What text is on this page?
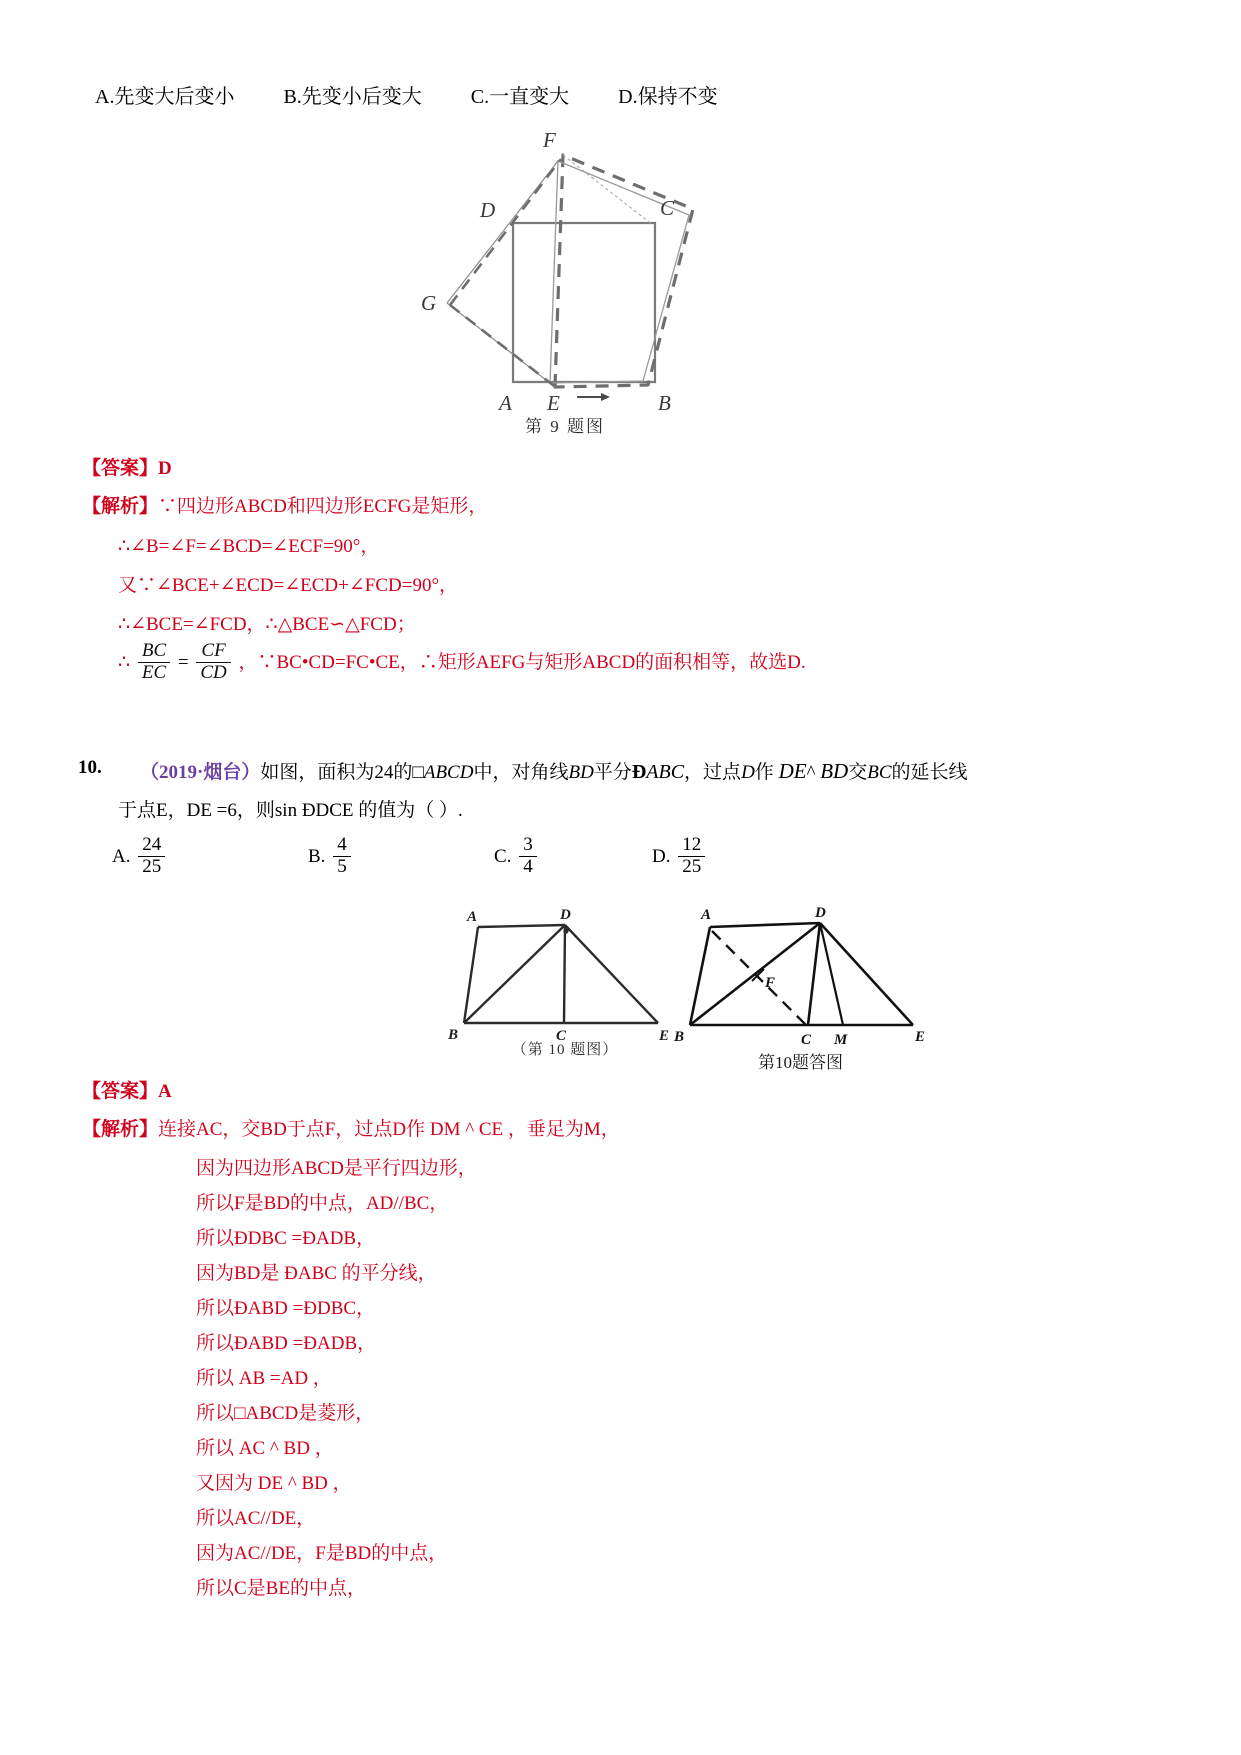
A.先变大后变小 B.先变小后变大 C.一直变大 D.保持不变
F
D	C
G
A E	B
第 9 题图
【答案】D
【解析】∵四边形ABCD和四边形ECFG是矩形，
∴∠B=∠F=∠BCD=∠ECF=90°，
又∵∠BCE+∠ECD=∠ECD+∠FCD=90°，
∴∠BCE=∠FCD，∴△BCE∽△FCD；
∴ $\frac{BC}{EC} = \frac{CF}{CD}$ ，∵BC•CD=FC•CE，∴矩形AEFG与矩形ABCD的面积相等，故选D.
10. （2019·烟台）如图，面积为24的□ABCD中，对角线BD平分ÐABC，过点D作 DE^ BD交BC的延长线
于点E，DE =6，则sin ÐDCE 的值为（ ）.
A. $\frac{24}{25}$	B. $\frac{4}{5}$	C. $\frac{3}{4}$	D. $\frac{12}{25}$
A	D
B	C	E
（第 10 题图）
A	D
B	C M	E
F
第10题答图
【答案】A
【解析】连接AC，交BD于点F，过点D作 DM ^ CE ，垂足为M，
因为四边形ABCD是平行四边形，
所以F是BD的中点，AD//BC，
所以ÐDBC =ÐADB，
因为BD是 ÐABC 的平分线，
所以ÐABD =ÐDBC，
所以ÐABD =ÐADB，
所以 AB =AD ，
所以□ABCD是菱形，
所以 AC ^ BD ，
又因为 DE ^ BD ，
所以AC//DE，
因为AC//DE，F是BD的中点，
所以C是BE的中点，
